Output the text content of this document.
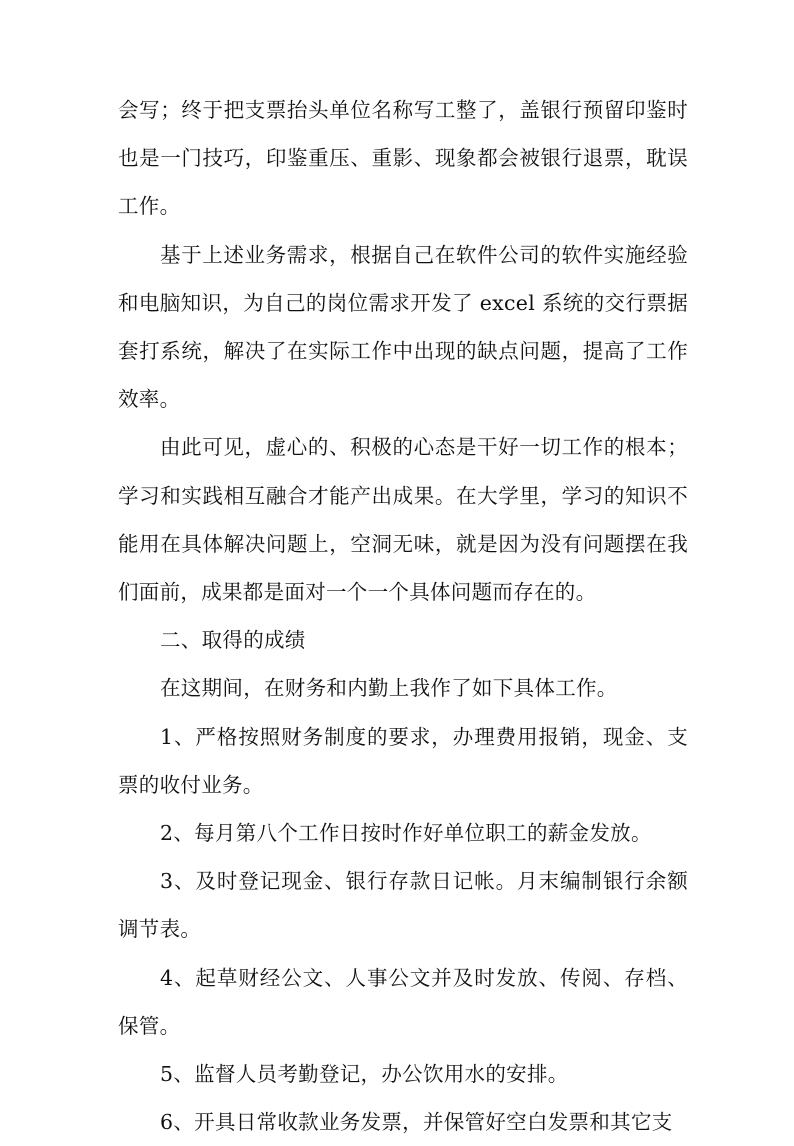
会写；终于把支票抬头单位名称写工整了，盖银行预留印鉴时也是一门技巧，印鉴重压、重影、现象都会被银行退票，耽误工作。

基于上述业务需求，根据自己在软件公司的软件实施经验和电脑知识，为自己的岗位需求开发了 excel 系统的交行票据套打系统，解决了在实际工作中出现的缺点问题，提高了工作效率。

由此可见，虚心的、积极的心态是干好一切工作的根本；学习和实践相互融合才能产出成果。在大学里，学习的知识不能用在具体解决问题上，空洞无味，就是因为没有问题摆在我们面前，成果都是面对一个一个具体问题而存在的。

二、取得的成绩

在这期间，在财务和内勤上我作了如下具体工作。

1、严格按照财务制度的要求，办理费用报销，现金、支票的收付业务。

2、每月第八个工作日按时作好单位职工的薪金发放。

3、及时登记现金、银行存款日记帐。月末编制银行余额调节表。

4、起草财经公文、人事公文并及时发放、传阅、存档、保管。

5、监督人员考勤登记，办公饮用水的安排。

6、开具日常收款业务发票，并保管好空白发票和其它支
